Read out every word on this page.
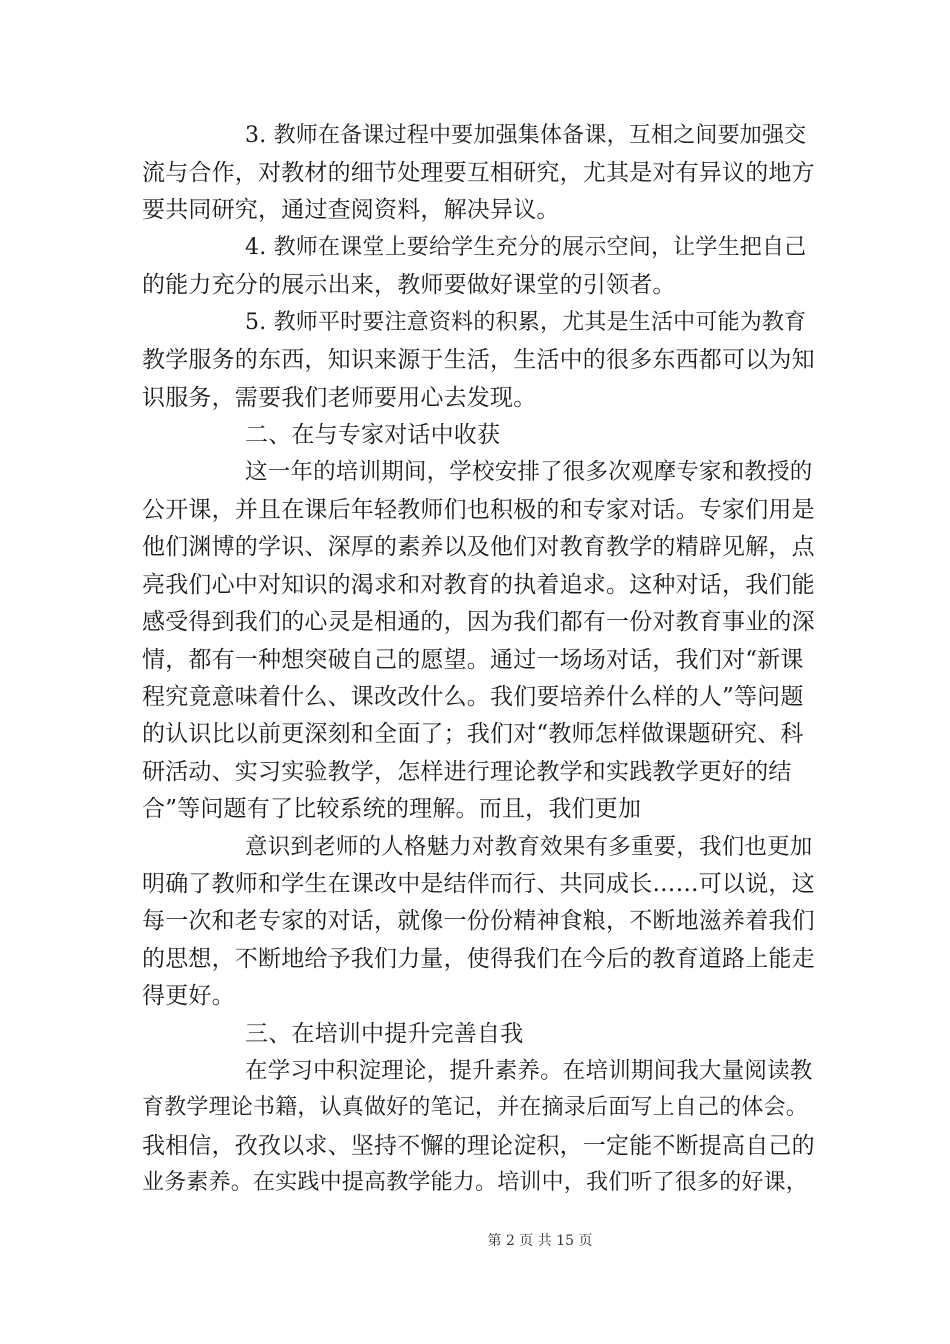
3. 教师在备课过程中要加强集体备课，互相之间要加强交
流与合作，对教材的细节处理要互相研究，尤其是对有异议的地方
要共同研究，通过查阅资料，解决异议。
4. 教师在课堂上要给学生充分的展示空间，让学生把自己
的能力充分的展示出来，教师要做好课堂的引领者。
5. 教师平时要注意资料的积累，尤其是生活中可能为教育
教学服务的东西，知识来源于生活，生活中的很多东西都可以为知
识服务，需要我们老师要用心去发现。
二、在与专家对话中收获
这一年的培训期间，学校安排了很多次观摩专家和教授的
公开课，并且在课后年轻教师们也积极的和专家对话。专家们用是
他们渊博的学识、深厚的素养以及他们对教育教学的精辟见解，点
亮我们心中对知识的渴求和对教育的执着追求。这种对话，我们能
感受得到我们的心灵是相通的，因为我们都有一份对教育事业的深
情，都有一种想突破自己的愿望。通过一场场对话，我们对“新课
程究竟意味着什么、课改改什么。我们要培养什么样的人”等问题
的认识比以前更深刻和全面了；我们对“教师怎样做课题研究、科
研活动、实习实验教学，怎样进行理论教学和实践教学更好的结
合”等问题有了比较系统的理解。而且，我们更加
意识到老师的人格魅力对教育效果有多重要，我们也更加
明确了教师和学生在课改中是结伴而行、共同成长……可以说，这
每一次和老专家的对话，就像一份份精神食粮，不断地滋养着我们
的思想，不断地给予我们力量，使得我们在今后的教育道路上能走
得更好。
三、在培训中提升完善自我
在学习中积淀理论，提升素养。在培训期间我大量阅读教
育教学理论书籍，认真做好的笔记，并在摘录后面写上自己的体会。
我相信，孜孜以求、坚持不懈的理论淀积，一定能不断提高自己的
业务素养。在实践中提高教学能力。培训中，我们听了很多的好课，
第 2 页 共 15 页
